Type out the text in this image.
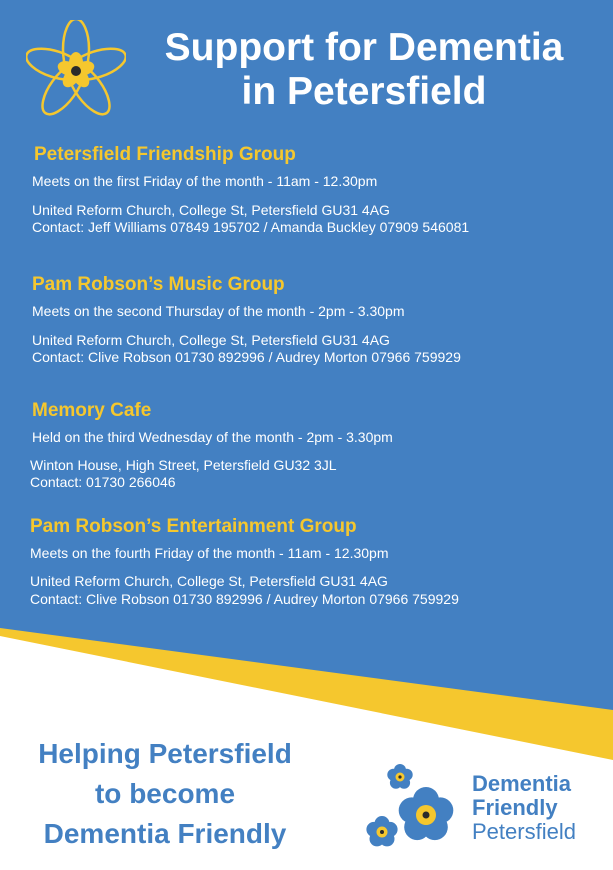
Support for Dementia
in Petersfield
Petersfield Friendship Group
Meets on the first Friday of the month - 11am - 12.30pm
United Reform Church, College St, Petersfield GU31 4AG
Contact: Jeff Williams 07849 195702 / Amanda Buckley 07909 546081
Pam Robson’s Music Group
Meets on the second Thursday of the month - 2pm - 3.30pm
United Reform Church, College St, Petersfield GU31 4AG
Contact: Clive Robson 01730 892996 / Audrey Morton 07966 759929
Memory Cafe
Held on the third Wednesday of the month - 2pm - 3.30pm
Winton House, High Street, Petersfield GU32 3JL
Contact: 01730 266046
Pam Robson’s Entertainment Group
Meets on the fourth Friday of the month - 11am - 12.30pm
United Reform Church, College St, Petersfield GU31 4AG
Contact: Clive Robson 01730 892996 / Audrey Morton 07966 759929
Helping Petersfield
to become
Dementia Friendly
Dementia
Friendly
Petersfield
